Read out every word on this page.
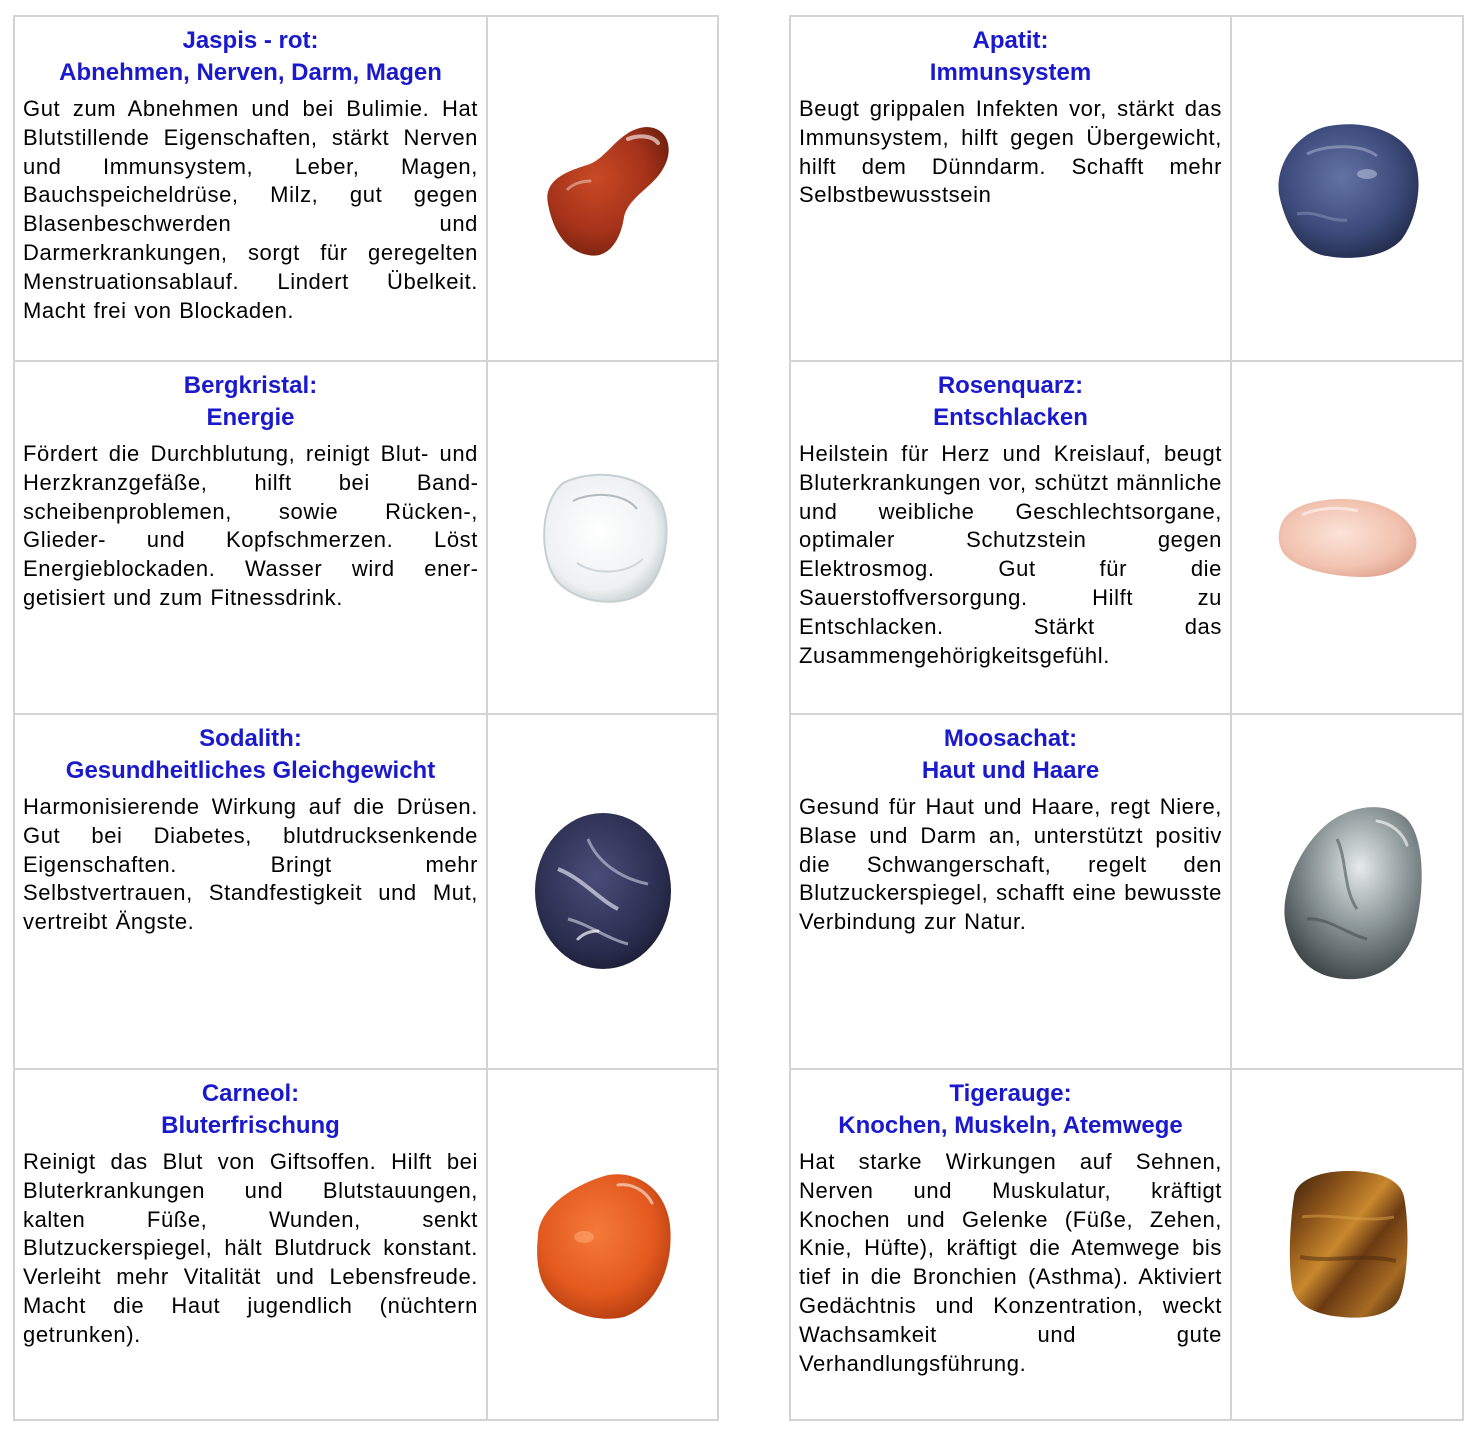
Jaspis - rot:
Abnehmen, Nerven, Darm, Magen

Gut zum Abnehmen und bei Bulimie. Hat Blutstillende Eigenschaften, stärkt Nerven und Immunsystem, Leber, Magen, Bauchspeicheldrüse, Milz, gut gegen Blasenbeschwerden und Darmerkrankungen, sorgt für geregelten Menstruationsablauf. Lindert Übelkeit. Macht frei von Blockaden.

Bergkristal:
Energie

Fördert die Durchblutung, reinigt Blut- und Herzkranzgefäße, hilft bei Bandscheibenproblemen, sowie Rücken-, Glieder- und Kopfschmerzen. Löst Energieblockaden. Wasser wird energetisiert und zum Fitnessdrink.

Sodalith:
Gesundheitliches Gleichgewicht

Harmonisierende Wirkung auf die Drüsen. Gut bei Diabetes, blutdrucksenkende Eigenschaften. Bringt mehr Selbstvertrauen, Standfestigkeit und Mut, vertreibt Ängste.

Carneol:
Bluterfrischung

Reinigt das Blut von Giftsoffen. Hilft bei Bluterkrankungen und Blutstauungen, kalten Füße, Wunden, senkt Blutzuckerspiegel, hält Blutdruck konstant. Verleiht mehr Vitalität und Lebensfreude. Macht die Haut jugendlich (nüchtern getrunken).

Apatit:
Immunsystem

Beugt grippalen Infekten vor, stärkt das Immunsystem, hilft gegen Übergewicht, hilft dem Dünndarm. Schafft mehr Selbstbewusstsein

Rosenquarz:
Entschlacken

Heilstein für Herz und Kreislauf, beugt Bluterkrankungen vor, schützt männliche und weibliche Geschlechtsorgane, optimaler Schutzstein gegen Elektrosmog. Gut für die Sauerstoffversorgung. Hilft zu Entschlacken. Stärkt das Zusammengehörigkeitsgefühl.

Moosachat:
Haut und Haare

Gesund für Haut und Haare, regt Niere, Blase und Darm an, unterstützt positiv die Schwangerschaft, regelt den Blutzuckerspiegel, schafft eine bewusste Verbindung zur Natur.

Tigerauge:
Knochen, Muskeln, Atemwege

Hat starke Wirkungen auf Sehnen, Nerven und Muskulatur, kräftigt Knochen und Gelenke (Füße, Zehen, Knie, Hüfte), kräftigt die Atemwege bis tief in die Bronchien (Asthma). Aktiviert Gedächtnis und Konzentration, weckt Wachsamkeit und gute Verhandlungsführung.
